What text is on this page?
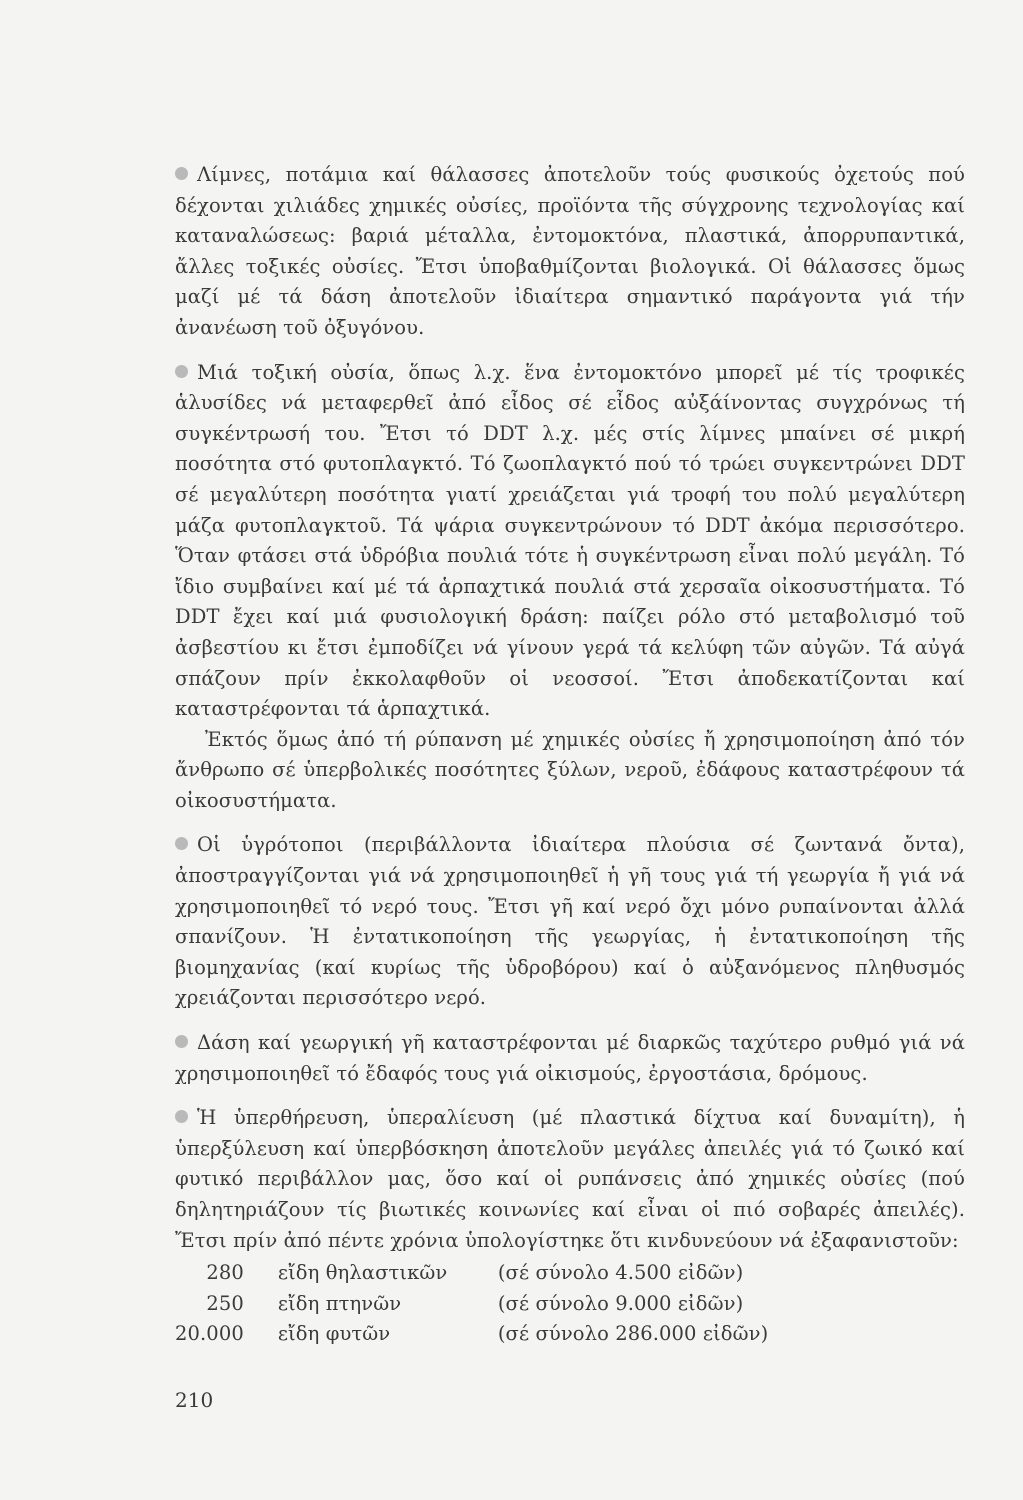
Λίμνες, ποτάμια καί θάλασσες ἀποτελοῦν τούς φυσικούς ὀχετούς πού δέχονται χιλιάδες χημικές οὐσίες, προϊόντα τῆς σύγχρονης τεχνολογίας καί καταναλώσεως: βαριά μέταλλα, ἐντομοκτόνα, πλαστικά, ἀπορρυπαντικά, ἄλλες τοξικές οὐσίες. Ἔτσι ὑποβαθμίζονται βιολογικά. Οἱ θάλασσες ὅμως μαζί μέ τά δάση ἀποτελοῦν ἰδιαίτερα σημαντικό παράγοντα γιά τήν ἀνανέωση τοῦ ὀξυγόνου.

Μιά τοξική οὐσία, ὅπως λ.χ. ἕνα ἐντομοκτόνο μπορεῖ μέ τίς τροφικές ἁλυσίδες νά μεταφερθεῖ ἀπό εἶδος σέ εἶδος αὐξάίνοντας συγχρόνως τή συγκέντρωσή του. Ἔτσι τό DDT λ.χ. μές στίς λίμνες μπαίνει σέ μικρή ποσότητα στό φυτοπλαγκτό. Τό ζωοπλαγκτό πού τό τρώει συγκεντρώνει DDT σέ μεγαλύτερη ποσότητα γιατί χρειάζεται γιά τροφή του πολύ μεγαλύτερη μάζα φυτοπλαγκτοῦ. Τά ψάρια συγκεντρώνουν τό DDT ἀκόμα περισσότερο. Ὅταν φτάσει στά ὑδρόβια πουλιά τότε ἡ συγκέντρωση εἶναι πολύ μεγάλη. Τό ἴδιο συμβαίνει καί μέ τά ἁρπαχτικά πουλιά στά χερσαῖα οἰκοσυστήματα. Τό DDT ἔχει καί μιά φυσιολογική δράση: παίζει ρόλο στό μεταβολισμό τοῦ ἀσβεστίου κι ἔτσι ἐμποδίζει νά γίνουν γερά τά κελύφη τῶν αὐγῶν. Τά αὐγά σπάζουν πρίν ἐκκολαφθοῦν οἱ νεοσσοί. Ἔτσι ἀποδεκατίζονται καί καταστρέφονται τά ἁρπαχτικά.

Ἐκτός ὅμως ἀπό τή ρύπανση μέ χημικές οὐσίες ἤ χρησιμοποίηση ἀπό τόν ἄνθρωπο σέ ὑπερβολικές ποσότητες ξύλων, νεροῦ, ἐδάφους καταστρέφουν τά οἰκοσυστήματα.

Οἱ ὑγρότοποι (περιβάλλοντα ἰδιαίτερα πλούσια σέ ζωντανά ὄντα), ἀποστραγγίζονται γιά νά χρησιμοποιηθεῖ ἡ γῆ τους γιά τή γεωργία ἤ γιά νά χρησιμοποιηθεῖ τό νερό τους. Ἔτσι γῆ καί νερό ὄχι μόνο ρυπαίνονται ἀλλά σπανίζουν. Ἡ ἐντατικοποίηση τῆς γεωργίας, ἡ ἐντατικοποίηση τῆς βιομηχανίας (καί κυρίως τῆς ὑδροβόρου) καί ὁ αὐξανόμενος πληθυσμός χρειάζονται περισσότερο νερό.

Δάση καί γεωργική γῆ καταστρέφονται μέ διαρκῶς ταχύτερο ρυθμό γιά νά χρησιμοποιηθεῖ τό ἔδαφός τους γιά οἰκισμούς, ἐργοστάσια, δρόμους.

Ἡ ὑπερθήρευση, ὑπεραλίευση (μέ πλαστικά δίχτυα καί δυναμίτη), ἡ ὑπερξύλευση καί ὑπερβόσκηση ἀποτελοῦν μεγάλες ἀπειλές γιά τό ζωικό καί φυτικό περιβάλλον μας, ὅσο καί οἱ ρυπάνσεις ἀπό χημικές οὐσίες (πού δηλητηριάζουν τίς βιωτικές κοινωνίες καί εἶναι οἱ πιό σοβαρές ἀπειλές). Ἔτσι πρίν ἀπό πέντε χρόνια ὑπολογίστηκε ὅτι κινδυνεύουν νά ἐξαφανιστοῦν:

280	εἴδη θηλαστικῶν	(σέ σύνολο 4.500 εἰδῶν)
250	εἴδη πτηνῶν	(σέ σύνολο 9.000 εἰδῶν)
20.000	εἴδη φυτῶν	(σέ σύνολο 286.000 εἰδῶν)
210
